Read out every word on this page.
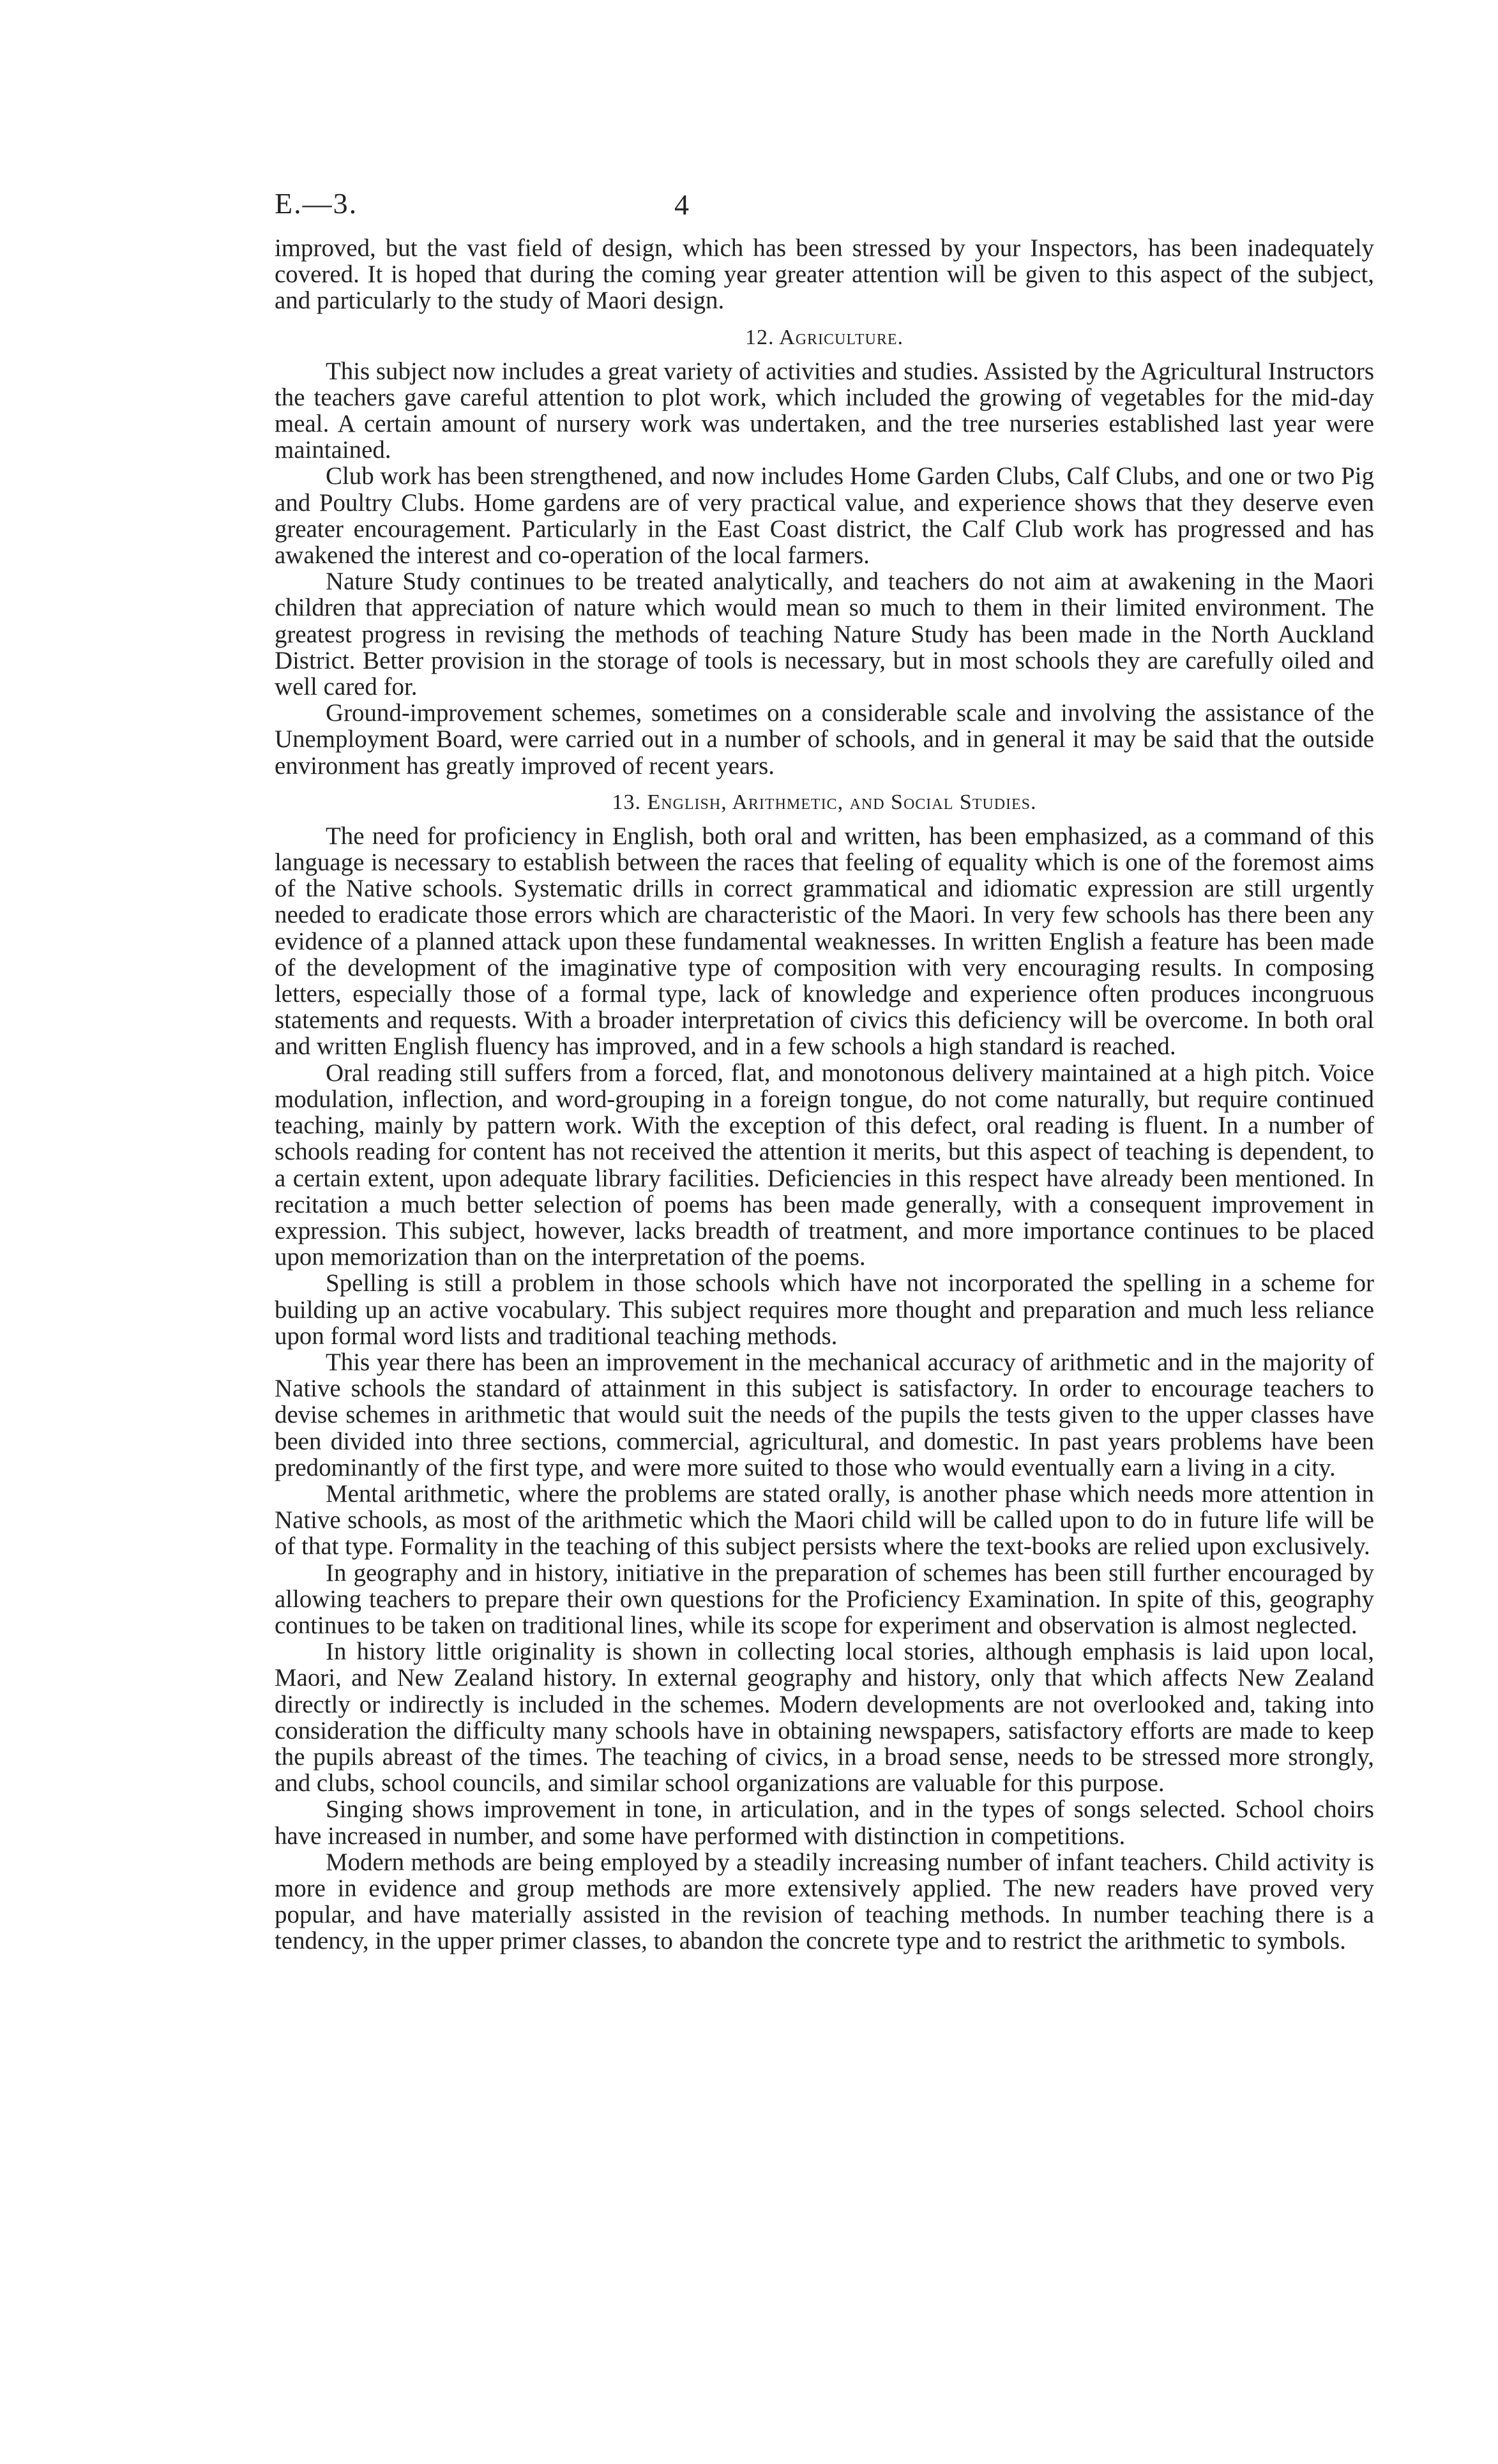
E.—3.	4

improved, but the vast field of design, which has been stressed by your Inspectors, has been inadequately covered. It is hoped that during the coming year greater attention will be given to this aspect of the subject, and particularly to the study of Maori design.

12. Agriculture.

This subject now includes a great variety of activities and studies. Assisted by the Agricultural Instructors the teachers gave careful attention to plot work, which included the growing of vegetables for the mid-day meal. A certain amount of nursery work was undertaken, and the tree nurseries established last year were maintained.

Club work has been strengthened, and now includes Home Garden Clubs, Calf Clubs, and one or two Pig and Poultry Clubs. Home gardens are of very practical value, and experience shows that they deserve even greater encouragement. Particularly in the East Coast district, the Calf Club work has progressed and has awakened the interest and co-operation of the local farmers.

Nature Study continues to be treated analytically, and teachers do not aim at awakening in the Maori children that appreciation of nature which would mean so much to them in their limited environment. The greatest progress in revising the methods of teaching Nature Study has been made in the North Auckland District. Better provision in the storage of tools is necessary, but in most schools they are carefully oiled and well cared for.

Ground-improvement schemes, sometimes on a considerable scale and involving the assistance of the Unemployment Board, were carried out in a number of schools, and in general it may be said that the outside environment has greatly improved of recent years.

13. English, Arithmetic, and Social Studies.

The need for proficiency in English, both oral and written, has been emphasized, as a command of this language is necessary to establish between the races that feeling of equality which is one of the foremost aims of the Native schools. Systematic drills in correct grammatical and idiomatic expression are still urgently needed to eradicate those errors which are characteristic of the Maori. In very few schools has there been any evidence of a planned attack upon these fundamental weaknesses. In written English a feature has been made of the development of the imaginative type of composition with very encouraging results. In composing letters, especially those of a formal type, lack of knowledge and experience often produces incongruous statements and requests. With a broader interpretation of civics this deficiency will be overcome. In both oral and written English fluency has improved, and in a few schools a high standard is reached.

Oral reading still suffers from a forced, flat, and monotonous delivery maintained at a high pitch. Voice modulation, inflection, and word-grouping in a foreign tongue, do not come naturally, but require continued teaching, mainly by pattern work. With the exception of this defect, oral reading is fluent. In a number of schools reading for content has not received the attention it merits, but this aspect of teaching is dependent, to a certain extent, upon adequate library facilities. Deficiencies in this respect have already been mentioned. In recitation a much better selection of poems has been made generally, with a consequent improvement in expression. This subject, however, lacks breadth of treatment, and more importance continues to be placed upon memorization than on the interpretation of the poems.

Spelling is still a problem in those schools which have not incorporated the spelling in a scheme for building up an active vocabulary. This subject requires more thought and preparation and much less reliance upon formal word lists and traditional teaching methods.

This year there has been an improvement in the mechanical accuracy of arithmetic and in the majority of Native schools the standard of attainment in this subject is satisfactory. In order to encourage teachers to devise schemes in arithmetic that would suit the needs of the pupils the tests given to the upper classes have been divided into three sections, commercial, agricultural, and domestic. In past years problems have been predominantly of the first type, and were more suited to those who would eventually earn a living in a city.

Mental arithmetic, where the problems are stated orally, is another phase which needs more attention in Native schools, as most of the arithmetic which the Maori child will be called upon to do in future life will be of that type. Formality in the teaching of this subject persists where the text-books are relied upon exclusively.

In geography and in history, initiative in the preparation of schemes has been still further encouraged by allowing teachers to prepare their own questions for the Proficiency Examination. In spite of this, geography continues to be taken on traditional lines, while its scope for experiment and observation is almost neglected.

In history little originality is shown in collecting local stories, although emphasis is laid upon local, Maori, and New Zealand history. In external geography and history, only that which affects New Zealand directly or indirectly is included in the schemes. Modern developments are not overlooked and, taking into consideration the difficulty many schools have in obtaining newspapers, satisfactory efforts are made to keep the pupils abreast of the times. The teaching of civics, in a broad sense, needs to be stressed more strongly, and clubs, school councils, and similar school organizations are valuable for this purpose.

Singing shows improvement in tone, in articulation, and in the types of songs selected. School choirs have increased in number, and some have performed with distinction in competitions.

Modern methods are being employed by a steadily increasing number of infant teachers. Child activity is more in evidence and group methods are more extensively applied. The new readers have proved very popular, and have materially assisted in the revision of teaching methods. In number teaching there is a tendency, in the upper primer classes, to abandon the concrete type and to restrict the arithmetic to symbols.
